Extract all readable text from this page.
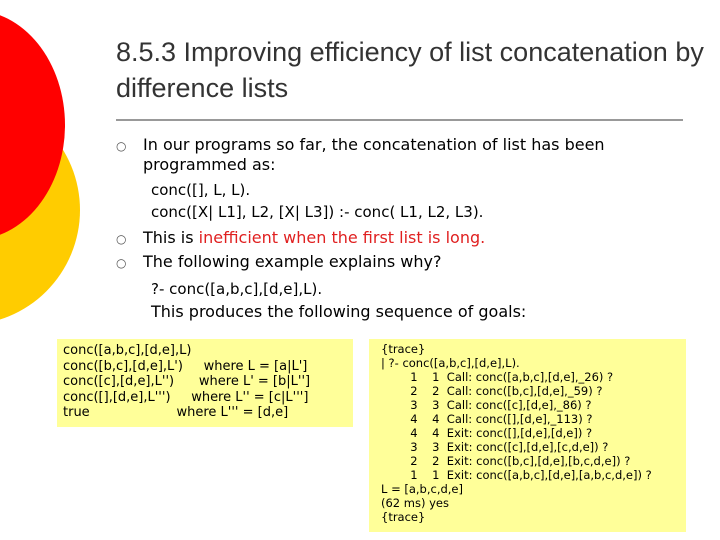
8.5.3 Improving efficiency of list concatenation by difference lists
○	In our programs so far, the concatenation of list has been programmed as:
conc([], L, L).
conc([X| L1], L2, [X| L3]) :- conc( L1, L2, L3).
○	This is inefficient when the first list is long.
○	The following example explains why?
?- conc([a,b,c],[d,e],L).
This produces the following sequence of goals:
conc([a,b,c],[d,e],L)
conc([b,c],[d,e],L')     where L = [a|L']
conc([c],[d,e],L'')      where L' = [b|L'']
conc([],[d,e],L''')     where L'' = [c|L''']
true                     where L''' = [d,e]
{trace}
| ?- conc([a,b,c],[d,e],L).
1    1  Call: conc([a,b,c],[d,e],_26) ?
2    2  Call: conc([b,c],[d,e],_59) ?
3    3  Call: conc([c],[d,e],_86) ?
4    4  Call: conc([],[d,e],_113) ?
4    4  Exit: conc([],[d,e],[d,e]) ?
3    3  Exit: conc([c],[d,e],[c,d,e]) ?
2    2  Exit: conc([b,c],[d,e],[b,c,d,e]) ?
1    1  Exit: conc([a,b,c],[d,e],[a,b,c,d,e]) ?
L = [a,b,c,d,e]
(62 ms) yes
{trace}
